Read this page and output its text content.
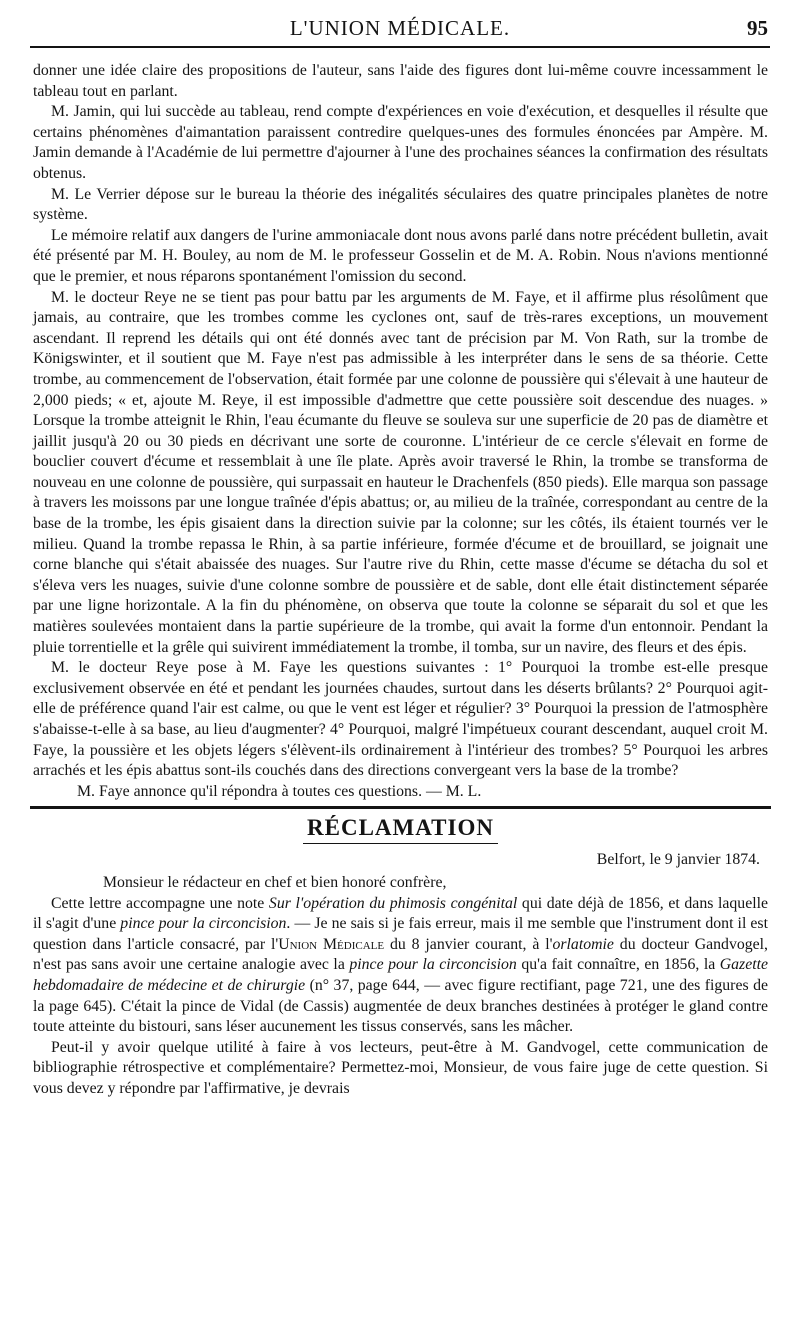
L'UNION MÉDICALE.	95

donner une idée claire des propositions de l'auteur, sans l'aide des figures dont lui-même couvre incessamment le tableau tout en parlant.

M. Jamin, qui lui succède au tableau, rend compte d'expériences en voie d'exécution, et desquelles il résulte que certains phénomènes d'aimantation paraissent contredire quelques-unes des formules énoncées par Ampère. M. Jamin demande à l'Académie de lui permettre d'ajourner à l'une des prochaines séances la confirmation des résultats obtenus.

M. Le Verrier dépose sur le bureau la théorie des inégalités séculaires des quatre principales planètes de notre système.

Le mémoire relatif aux dangers de l'urine ammoniacale dont nous avons parlé dans notre précédent bulletin, avait été présenté par M. H. Bouley, au nom de M. le professeur Gosselin et de M. A. Robin. Nous n'avions mentionné que le premier, et nous réparons spontanément l'omission du second.

M. le docteur Reye ne se tient pas pour battu par les arguments de M. Faye, et il affirme plus résolûment que jamais, au contraire, que les trombes comme les cyclones ont, sauf de très-rares exceptions, un mouvement ascendant. Il reprend les détails qui ont été donnés avec tant de précision par M. Von Rath, sur la trombe de Königswinter, et il soutient que M. Faye n'est pas admissible à les interpréter dans le sens de sa théorie. Cette trombe, au commencement de l'observation, était formée par une colonne de poussière qui s'élevait à une hauteur de 2,000 pieds; « et, ajoute M. Reye, il est impossible d'admettre que cette poussière soit descendue des nuages. » Lorsque la trombe atteignit le Rhin, l'eau écumante du fleuve se souleva sur une superficie de 20 pas de diamètre et jaillit jusqu'à 20 ou 30 pieds en décrivant une sorte de couronne. L'intérieur de ce cercle s'élevait en forme de bouclier couvert d'écume et ressemblait à une île plate. Après avoir traversé le Rhin, la trombe se transforma de nouveau en une colonne de poussière, qui surpassait en hauteur le Drachenfels (850 pieds). Elle marqua son passage à travers les moissons par une longue traînée d'épis abattus; or, au milieu de la traînée, correspondant au centre de la base de la trombe, les épis gisaient dans la direction suivie par la colonne; sur les côtés, ils étaient tournés ver le milieu. Quand la trombe repassa le Rhin, à sa partie inférieure, formée d'écume et de brouillard, se joignait une corne blanche qui s'était abaissée des nuages. Sur l'autre rive du Rhin, cette masse d'écume se détacha du sol et s'éleva vers les nuages, suivie d'une colonne sombre de poussière et de sable, dont elle était distinctement séparée par une ligne horizontale. A la fin du phénomène, on observa que toute la colonne se séparait du sol et que les matières soulevées montaient dans la partie supérieure de la trombe, qui avait la forme d'un entonnoir. Pendant la pluie torrentielle et la grêle qui suivirent immédiatement la trombe, il tomba, sur un navire, des fleurs et des épis.

M. le docteur Reye pose à M. Faye les questions suivantes : 1° Pourquoi la trombe est-elle presque exclusivement observée en été et pendant les journées chaudes, surtout dans les déserts brûlants? 2° Pourquoi agit-elle de préférence quand l'air est calme, ou que le vent est léger et régulier? 3° Pourquoi la pression de l'atmosphère s'abaisse-t-elle à sa base, au lieu d'augmenter? 4° Pourquoi, malgré l'impétueux courant descendant, auquel croit M. Faye, la poussière et les objets légers s'élèvent-ils ordinairement à l'intérieur des trombes? 5° Pourquoi les arbres arrachés et les épis abattus sont-ils couchés dans des directions convergeant vers la base de la trombe?

M. Faye annonce qu'il répondra à toutes ces questions. — M. L.

RÉCLAMATION
Belfort, le 9 janvier 1874.

Monsieur le rédacteur en chef et bien honoré confrère,

Cette lettre accompagne une note Sur l'opération du phimosis congénital qui date déjà de 1856, et dans laquelle il s'agit d'une pince pour la circoncision. — Je ne sais si je fais erreur, mais il me semble que l'instrument dont il est question dans l'article consacré, par l'Union Médicale du 8 janvier courant, à l'orlatomie du docteur Gandvogel, n'est pas sans avoir une certaine analogie avec la pince pour la circoncision qu'a fait connaître, en 1856, la Gazette hebdomadaire de médecine et de chirurgie (n° 37, page 644, — avec figure rectifiant, page 721, une des figures de la page 645). C'était la pince de Vidal (de Cassis) augmentée de deux branches destinées à protéger le gland contre toute atteinte du bistouri, sans léser aucunement les tissus conservés, sans les mâcher.

Peut-il y avoir quelque utilité à faire à vos lecteurs, peut-être à M. Gandvogel, cette communication de bibliographie rétrospective et complémentaire? Permettez-moi, Monsieur, de vous faire juge de cette question. Si vous devez y répondre par l'affirmative, je devrais
